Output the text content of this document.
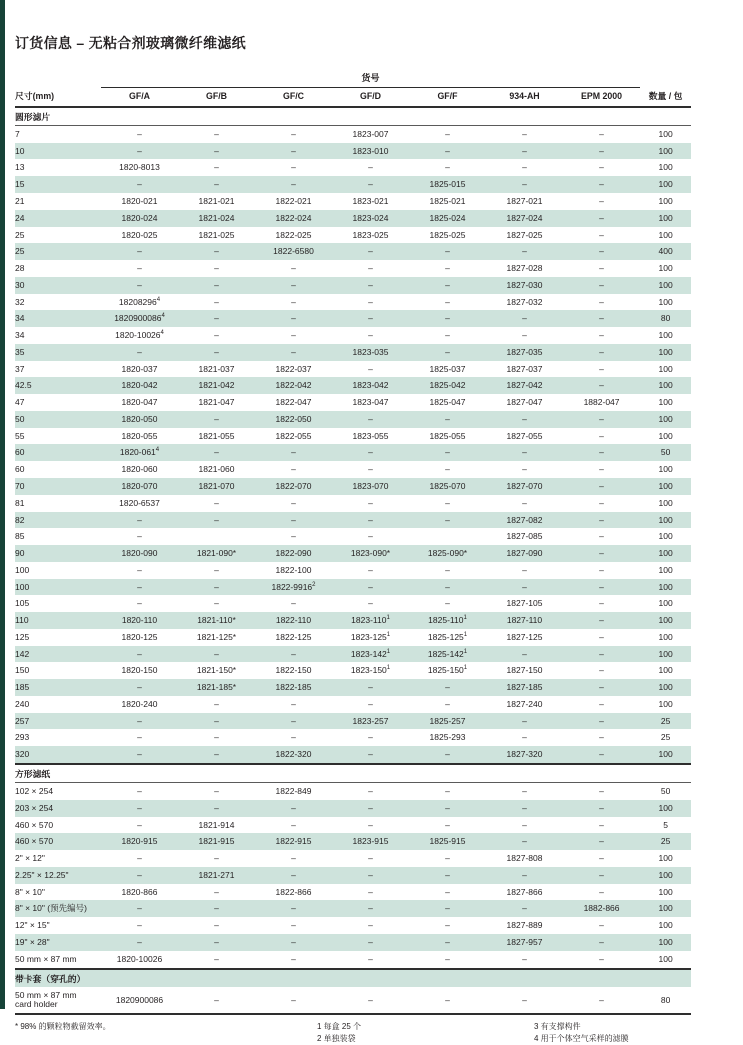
订货信息 – 无粘合剂玻璃微纤维滤纸
	货号							
尺寸(mm)	GF/A	GF/B	GF/C	GF/D	GF/F	934-AH	EPM 2000	数量 / 包
圆形滤片								
7	–	–	–	1823-007	–	–	–	100
10	–	–	–	1823-010	–	–	–	100
13	1820-8013	–	–	–	–	–	–	100
15	–	–	–	–	1825-015	–	–	100
21	1820-021	1821-021	1822-021	1823-021	1825-021	1827-021	–	100
24	1820-024	1821-024	1822-024	1823-024	1825-024	1827-024	–	100
25	1820-025	1821-025	1822-025	1823-025	1825-025	1827-025	–	100
25	–	–	1822-6580	–	–	–	–	400
28	–	–	–	–	–	1827-028	–	100
30	–	–	–	–	–	1827-030	–	100
32	18208296$^4$	–	–	–	–	1827-032	–	100
34	1820900086$^4$	–	–	–	–	–	–	80
34	1820-10026$^4$	–	–	–	–	–	–	100
35	–	–	–	1823-035	–	1827-035	–	100
37	1820-037	1821-037	1822-037	–	1825-037	1827-037	–	100
42.5	1820-042	1821-042	1822-042	1823-042	1825-042	1827-042	–	100
47	1820-047	1821-047	1822-047	1823-047	1825-047	1827-047	1882-047	100
50	1820-050	–	1822-050	–	–	–	–	100
55	1820-055	1821-055	1822-055	1823-055	1825-055	1827-055	–	100
60	$1820-061^4$	–	–	–	–	–	–	50
60	1820-060	1821-060	–	–	–	–	–	100
70	1820-070	1821-070	1822-070	1823-070	1825-070	1827-070	–	100
81	1820-6537	–	–	–	–	–	–	100
82	–	–	–	–	–	1827-082	–	100
85	–		–	–		1827-085	–	100
90	1820-090	1821-090*	1822-090	1823-090*	1825-090*	1827-090	–	100
100	–	–	1822-100	–	–	–	–	100
100	–	–	1822-9916$^2$	–	–	–	–	100
105	–	–	–	–	–	1827-105	–	100
110	1820-110	1821-110*	1822-110	$1823-110^1$	$1825-110^1$	1827-110	–	100
125	1820-125	1821-125*	1822-125	$1823-125^1$	$1825-125^1$	1827-125	–	100
142	–	–	–	$1823-142^1$	$1825-142^1$	–	–	100
150	1820-150	1821-150*	1822-150	$1823-150^1$	$1825-150^1$	1827-150	–	100
185	–	1821-185*	1822-185	–	–	1827-185	–	100
240	1820-240	–	–	–	–	1827-240	–	100
257	–	–	–	1823-257	1825-257	–	–	25
293	–	–	–	–	1825-293	–	–	25
320	–	–	1822-320	–	–	1827-320	–	100
方形滤纸								
102 × 254	–	–	1822-849	–	–	–	–	50
203 × 254	–	–	–	–	–	–	–	100
460 × 570	–	1821-914	–	–	–	–	–	5
460 × 570	1820-915	1821-915	1822-915	1823-915	1825-915	–	–	25
2" × 12"	–	–	–	–	–	1827-808	–	100
2.25" × 12.25"	–	1821-271	–	–	–	–	–	100
8" × 10"	1820-866	–	1822-866	–	–	1827-866	–	100
8" × 10" (预先编号)	–	–	–	–	–	–	1882-866	100
12" × 15"	–	–	–	–	–	1827-889	–	100
19" × 28"	–	–	–	–	–	1827-957	–	100
50 mm × 87 mm	1820-10026	–	–	–	–	–	–	100
带卡套（穿孔的）								
50 mm × 87 mm
card holder	1820900086	–	–	–	–	–	–	80
* 98% 的颗粒物截留效率。	1 每盒 25 个
2 单独装袋
3 有支撑构件
4 用于个体空气采样的滤膜
